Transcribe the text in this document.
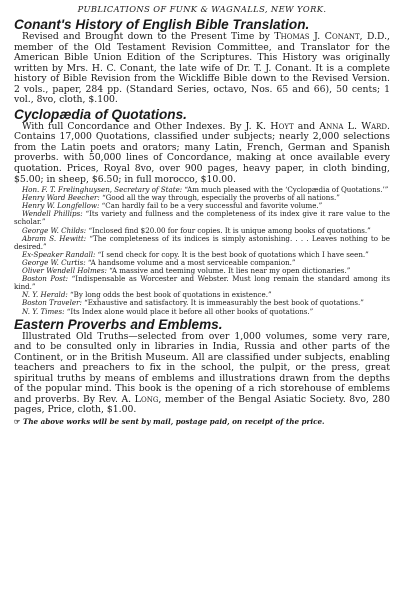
PUBLICATIONS OF FUNK & WAGNALLS, NEW YORK.
Conant's History of English Bible Translation.

Revised and Brought down to the Present Time by Thomas J. Conant, D.D., member of the Old Testament Revision Committee, and Translator for the American Bible Union Edition of the Scriptures. This History was originally written by Mrs. H. C. Conant, the late wife of Dr. T. J. Conant. It is a complete history of Bible Revision from the Wickliffe Bible down to the Revised Version. 2 vols., paper, 284 pp. (Standard Series, octavo, Nos. 65 and 66), 50 cents; 1 vol., 8vo, cloth, $.100.

Cyclopædia of Quotations.

With full Concordance and Other Indexes. By J. K. Hoyt and Anna L. Ward. Contains 17,000 Quotations, classified under subjects; nearly 2,000 selections from the Latin poets and orators; many Latin, French, German and Spanish proverbs. with 50,000 lines of Concordance, making at once available every quotation. Prices, Royal 8vo, over 900 pages, heavy paper, in cloth binding, $5.00; in sheep, $6.50; in full morocco, $10.00.

Hon. F. T. Frelinghuysen, Secretary of State: “Am much pleased with the ‘Cyclopædia of Quotations.’”

Henry Ward Beecher: “Good all the way through, especially the proverbs of all nations.”

Henry W. Longfellow: “Can hardly fail to be a very successful and favorite volume.”

Wendell Phillips: “Its variety and fullness and the completeness of its index give it rare value to the scholar.”

George W. Childs: “Inclosed find $20.00 for four copies. It is unique among books of quotations.”

Abram S. Hewitt: “The completeness of its indices is simply astonishing. . . . Leaves nothing to be desired.”

Ex-Speaker Randall: “I send check for copy. It is the best book of quotations which I have seen.”

George W. Curtis: “A handsome volume and a most serviceable companion.”

Oliver Wendell Holmes: “A massive and teeming volume. It lies near my open dictionaries.”

Boston Post: “Indispensable as Worcester and Webster. Must long remain the standard among its kind.”

N. Y. Herald: “By long odds the best book of quotations in existence.”

Boston Traveler: “Exhaustive and satisfactory. It is immeasurably the best book of quotations.”

N. Y. Times: “Its Index alone would place it before all other books of quotations.”

Eastern Proverbs and Emblems.

Illustrated Old Truths—selected from over 1,000 volumes, some very rare, and to be consulted only in libraries in India, Russia and other parts of the Continent, or in the British Museum. All are classified under subjects, enabling teachers and preachers to fix in the school, the pulpit, or the press, great spiritual truths by means of emblems and illustrations drawn from the depths of the popular mind. This book is the opening of a rich storehouse of emblems and proverbs. By Rev. A. Long, member of the Bengal Asiatic Society. 8vo, 280 pages, Price, cloth, $1.00.

☞ The above works will be sent by mail, postage paid, on receipt of the price.
